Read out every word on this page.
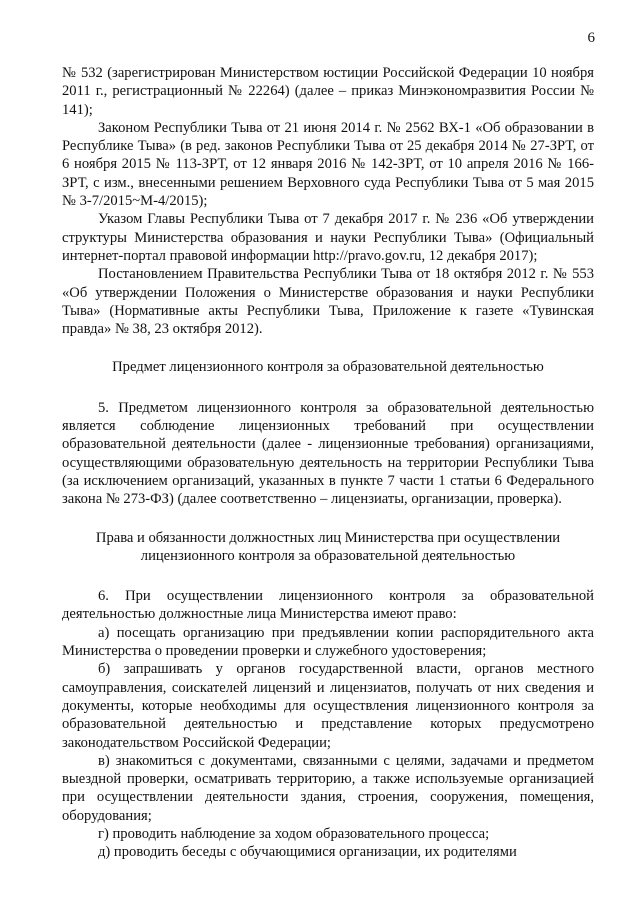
6

№ 532 (зарегистрирован Министерством юстиции Российской Федерации 10 ноября 2011 г., регистрационный № 22264) (далее – приказ Минэкономразвития России № 141);

Законом Республики Тыва от 21 июня 2014 г. № 2562 ВХ-1 «Об образовании в Республике Тыва» (в ред. законов Республики Тыва от 25 декабря 2014 № 27-ЗРТ, от 6 ноября 2015 № 113-ЗРТ, от 12 января 2016 № 142-ЗРТ, от 10 апреля 2016 № 166-ЗРТ, с изм., внесенными решением Верховного суда Республики Тыва от 5 мая 2015 № 3-7/2015~М-4/2015);

Указом Главы Республики Тыва от 7 декабря 2017 г. № 236 «Об утверждении структуры Министерства образования и науки Республики Тыва» (Официальный интернет-портал правовой информации http://pravo.gov.ru, 12 декабря 2017);

Постановлением Правительства Республики Тыва от 18 октября 2012 г. № 553 «Об утверждении Положения о Министерстве образования и науки Республики Тыва» (Нормативные акты Республики Тыва, Приложение к газете «Тувинская правда» № 38, 23 октября 2012).

Предмет лицензионного контроля за образовательной деятельностью

5. Предметом лицензионного контроля за образовательной деятельностью является соблюдение лицензионных требований при осуществлении образовательной деятельности (далее - лицензионные требования) организациями, осуществляющими образовательную деятельность на территории Республики Тыва (за исключением организаций, указанных в пункте 7 части 1 статьи 6 Федерального закона № 273-ФЗ) (далее соответственно – лицензиаты, организации, проверка).

Права и обязанности должностных лиц Министерства при осуществлении
лицензионного контроля за образовательной деятельностью

6. При осуществлении лицензионного контроля за образовательной деятельностью должностные лица Министерства имеют право:

а) посещать организацию при предъявлении копии распорядительного акта Министерства о проведении проверки и служебного удостоверения;

б) запрашивать у органов государственной власти, органов местного самоуправления, соискателей лицензий и лицензиатов, получать от них сведения и документы, которые необходимы для осуществления лицензионного контроля за образовательной деятельностью и представление которых предусмотрено законодательством Российской Федерации;

в) знакомиться с документами, связанными с целями, задачами и предметом выездной проверки, осматривать территорию, а также используемые организацией при осуществлении деятельности здания, строения, сооружения, помещения, оборудования;

г) проводить наблюдение за ходом образовательного процесса;

д) проводить беседы с обучающимися организации, их родителями
